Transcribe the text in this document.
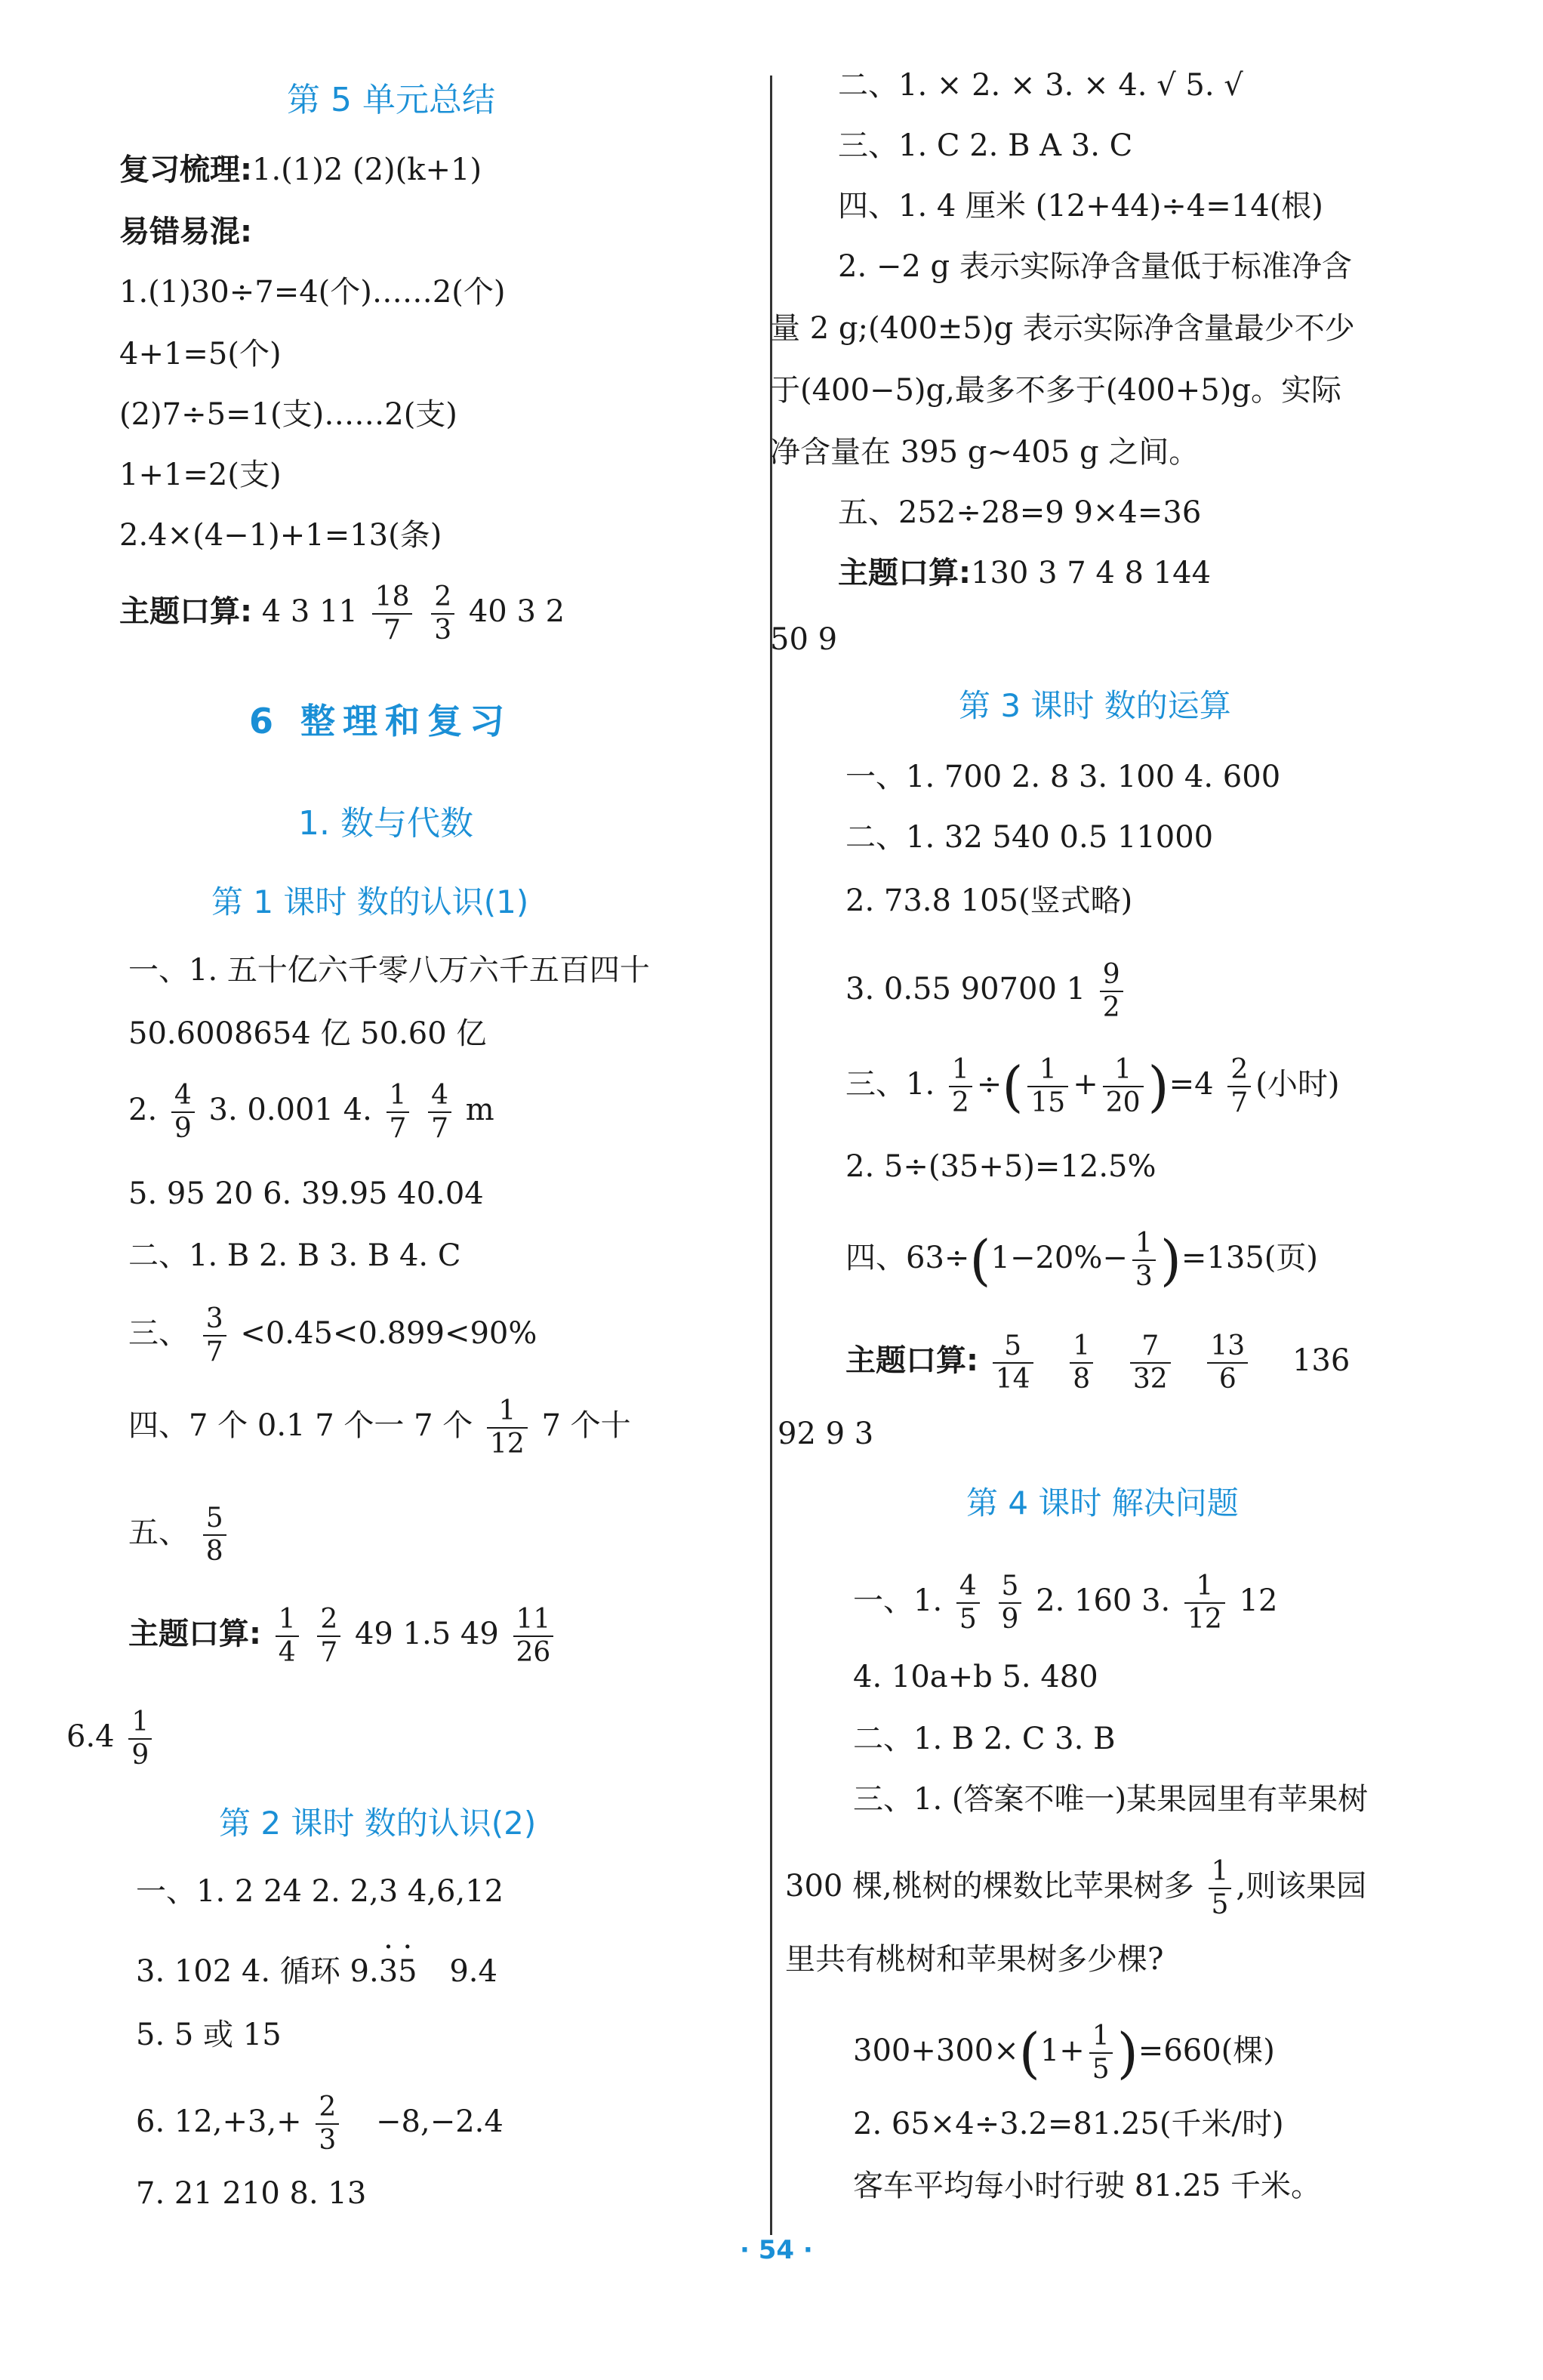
第 5 单元总结
复习梳理:1.(1)2 (2)(k+1)
易错易混:
1.(1)30÷7=4(个)……2(个)
4+1=5(个)
(2)7÷5=1(支)……2(支)
1+1=2(支)
2.4×(4−1)+1=13(条)
主题口算: 4 3 $11 \frac{18}{7}$
$\frac{2}{3} 40$ 3 2
6 整理和复习
1. 数与代数
第 1 课时 数的认识(1)
一、1. 五十亿六千零八万六千五百四十
50.6008654 亿 50.60 亿
2. $\frac{4}{9} 3$. 0.001 4. $\frac{1}{7}$
$\frac{4}{7}$ m
5. 95 20 6. 39.95 40.04
二、1. B 2. B 3. B 4. C
三、 $\frac{3}{7} <0.45<0.899<90\%$
四、7 个 0.1 7 个一 7 个 $\frac{1}{12} 7$ 个十
五、 $\frac{5}{8}$
主题口算: $\frac{1}{4}$
$\frac{2}{7} 49$ 1.5 $49 \frac{11}{26}$
$6.4 \frac{1}{9}$
第 2 课时 数的认识(2)
一、1. 2 24 2. 2,3 4,6,12
3. 102 4. 循环 9.· 3· 5 9.4
5. 5 或 15
6. $12,+3,+ \frac{2}{3} -8,-2.4$
7. 21 210 8. 13
二、1. × 2. × 3. × 4. √ 5. √
三、1. C 2. B A 3. C
四、1. 4 厘米 (12+44)÷4=14(根)
2. −2 g 表示实际净含量低于标准净含
量 2 g;(400±5)g 表示实际净含量最少不少
于(400−5)g,最多不多于(400+5)g。实际
净含量在 395 g~405 g 之间。
五、252÷28=9 9×4=36
主题口算:130 3 7 4 8 144
50 9
第 3 课时 数的运算
一、1. 700 2. 8 3. 100 4. 600
二、1. 32 540 0.5 11000
2. 73.8 105(竖式略)
3. 0.55 90700 $1 \frac{9}{2}$
三、1. $\frac{1}{2}$ ÷( $\frac{1}{15} + \frac{1}{20} )=4 \frac{2}{7}$ (小时)
2. 5÷(35+5)=12.5%
四、$63\div(1-20\%- \frac{1}{3} )=135$(页)
主题口算: $\frac{5}{14}$
$\frac{1}{8}$
$\frac{7}{32}$
$\frac{13}{6} 136$
92 9 3
第 4 课时 解决问题
一、1. $\frac{4}{5}$
$\frac{5}{9} 2$. 160 3. $\frac{1}{12} 12$
4. 10a+b 5. 480
二、1. B 2. C 3. B
三、1. (答案不唯一)某果园里有苹果树
300 棵,桃树的棵数比苹果树多 $\frac{1}{5}$ ,则该果园
里共有桃树和苹果树多少棵?
$300+300\times(1+ \frac{1}{5} )=660$(棵)
2. 65×4÷3.2=81.25(千米/时)
客车平均每小时行驶 81.25 千米。
· 54 ·
